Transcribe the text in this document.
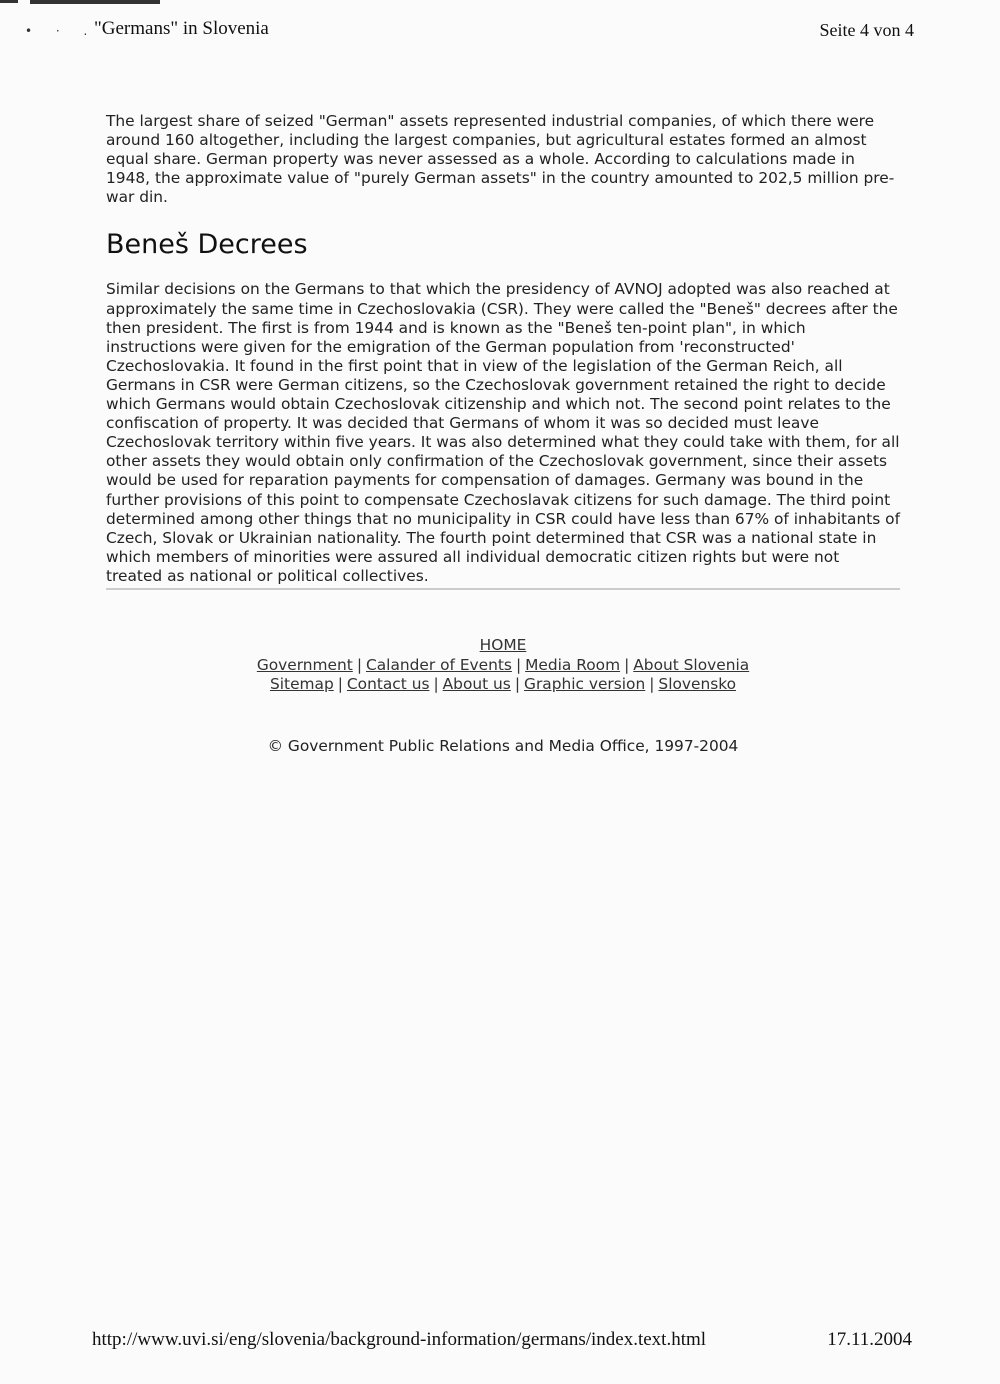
• · .
"Germans" in Slovenia	Seite 4 von 4

The largest share of seized "German" assets represented industrial companies, of which there were around 160 altogether, including the largest companies, but agricultural estates formed an almost equal share. German property was never assessed as a whole. According to calculations made in 1948, the approximate value of "purely German assets" in the country amounted to 202,5 million pre-war din.

Beneš Decrees

Similar decisions on the Germans to that which the presidency of AVNOJ adopted was also reached at approximately the same time in Czechoslovakia (CSR). They were called the "Beneš" decrees after the then president. The first is from 1944 and is known as the "Beneš ten-point plan", in which instructions were given for the emigration of the German population from 'reconstructed' Czechoslovakia. It found in the first point that in view of the legislation of the German Reich, all Germans in CSR were German citizens, so the Czechoslovak government retained the right to decide which Germans would obtain Czechoslovak citizenship and which not. The second point relates to the confiscation of property. It was decided that Germans of whom it was so decided must leave Czechoslovak territory within five years. It was also determined what they could take with them, for all other assets they would obtain only confirmation of the Czechoslovak government, since their assets would be used for reparation payments for compensation of damages. Germany was bound in the further provisions of this point to compensate Czechoslavak citizens for such damage. The third point determined among other things that no municipality in CSR could have less than 67% of inhabitants of Czech, Slovak or Ukrainian nationality. The fourth point determined that CSR was a national state in which members of minorities were assured all individual democratic citizen rights but were not treated as national or political collectives.

HOME
Government | Calander of Events | Media Room | About Slovenia
Sitemap | Contact us | About us | Graphic version | Slovensko
© Government Public Relations and Media Office, 1997-2004
http://www.uvi.si/eng/slovenia/background-information/germans/index.text.html	17.11.2004
